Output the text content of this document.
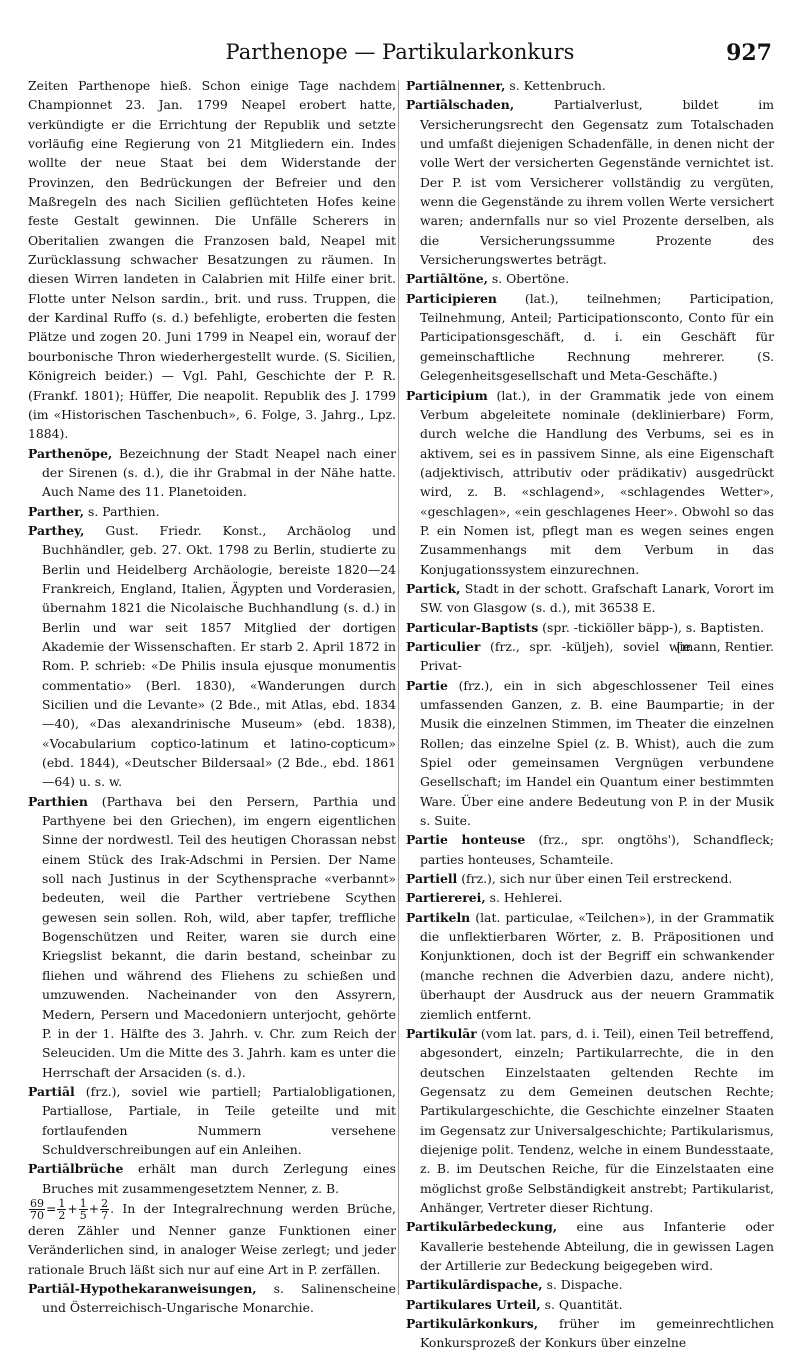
Parthenope — Partikularkonkurs	927

Zeiten Parthenope hieß. Schon einige Tage nachdem Championnet 23. Jan. 1799 Neapel erobert hatte, verkündigte er die Errichtung der Republik und setzte vorläufig eine Regierung von 21 Mitgliedern ein. Indes wollte der neue Staat bei dem Widerstande der Provinzen, den Bedrückungen der Befreier und den Maßregeln des nach Sicilien geflüchteten Hofes keine feste Gestalt gewinnen. Die Unfälle Scherers in Oberitalien zwangen die Franzosen bald, Neapel mit Zurücklassung schwacher Besatzungen zu räumen. In diesen Wirren landeten in Calabrien mit Hilfe einer brit. Flotte unter Nelson sardin., brit. und russ. Truppen, die der Kardinal Ruffo (s. d.) befehligte, eroberten die festen Plätze und zogen 20. Juni 1799 in Neapel ein, worauf der bourbonische Thron wiederhergestellt wurde. (S. Sicilien, Königreich beider.) — Vgl. Pahl, Geschichte der P. R. (Frankf. 1801); Hüffer, Die neapolit. Republik des J. 1799 (im «Historischen Taschenbuch», 6. Folge, 3. Jahrg., Lpz. 1884).

Parthenŏpe, Bezeichnung der Stadt Neapel nach einer der Sirenen (s. d.), die ihr Grabmal in der Nähe hatte. Auch Name des 11. Planetoiden.

Parther, s. Parthien.

Parthey, Gust. Friedr. Konst., Archäolog und Buchhändler, geb. 27. Okt. 1798 zu Berlin, studierte zu Berlin und Heidelberg Archäologie, bereiste 1820—24 Frankreich, England, Italien, Ägypten und Vorderasien, übernahm 1821 die Nicolaische Buchhandlung (s. d.) in Berlin und war seit 1857 Mitglied der dortigen Akademie der Wissenschaften. Er starb 2. April 1872 in Rom. P. schrieb: «De Philis insula ejusque monumentis commentatio» (Berl. 1830), «Wanderungen durch Sicilien und die Levante» (2 Bde., mit Atlas, ebd. 1834—40), «Das alexandrinische Museum» (ebd. 1838), «Vocabularium coptico-latinum et latino-copticum» (ebd. 1844), «Deutscher Bildersaal» (2 Bde., ebd. 1861—64) u. s. w.

Parthien (Parthava bei den Persern, Parthia und Parthyene bei den Griechen), im engern eigentlichen Sinne der nordwestl. Teil des heutigen Chorassan nebst einem Stück des Irak-Adschmi in Persien. Der Name soll nach Justinus in der Scythensprache «verbannt» bedeuten, weil die Parther vertriebene Scythen gewesen sein sollen. Roh, wild, aber tapfer, treffliche Bogenschützen und Reiter, waren sie durch eine Kriegslist bekannt, die darin bestand, scheinbar zu fliehen und während des Fliehens zu schießen und umzuwenden. Nacheinander von den Assyrern, Medern, Persern und Macedoniern unterjocht, gehörte P. in der 1. Hälfte des 3. Jahrh. v. Chr. zum Reich der Seleuciden. Um die Mitte des 3. Jahrh. kam es unter die Herrschaft der Arsaciden (s. d.).

Partiāl (frz.), soviel wie partiell; Partialobligationen, Partiallose, Partiale, in Teile geteilte und mit fortlaufenden Nummern versehene Schuldverschreibungen auf ein Anleihen.

Partiālbrüche erhält man durch Zerlegung eines Bruches mit zusammengesetztem Nenner, z. B.

$\frac{69}{70} = \frac{1}{2} + \frac{1}{5} + \frac{2}{7}$ . In der Integralrechnung werden Brüche, deren Zähler und Nenner ganze Funktionen einer Veränderlichen sind, in analoger Weise zerlegt; und jeder rationale Bruch läßt sich nur auf eine Art in P. zerfällen.

Partiāl-Hypothekaranweisungen, s. Salinenscheine und Österreichisch-Ungarische Monarchie.

Partiālnenner, s. Kettenbruch.

Partiālschaden, Partialverlust, bildet im Versicherungsrecht den Gegensatz zum Totalschaden und umfaßt diejenigen Schadenfälle, in denen nicht der volle Wert der versicherten Gegenstände vernichtet ist. Der P. ist vom Versicherer vollständig zu vergüten, wenn die Gegenstände zu ihrem vollen Werte versichert waren; andernfalls nur so viel Prozente derselben, als die Versicherungssumme Prozente des Versicherungswertes beträgt.

Partiāltöne, s. Obertöne.

Participieren (lat.), teilnehmen; Participation, Teilnehmung, Anteil; Participationsconto, Conto für ein Participationsgeschäft, d. i. ein Geschäft für gemeinschaftliche Rechnung mehrerer. (S. Gelegenheitsgesellschaft und Meta-Geschäfte.)

Participium (lat.), in der Grammatik jede von einem Verbum abgeleitete nominale (deklinierbare) Form, durch welche die Handlung des Verbums, sei es in aktivem, sei es in passivem Sinne, als eine Eigenschaft (adjektivisch, attributiv oder prädikativ) ausgedrückt wird, z. B. «schlagend», «schlagendes Wetter», «geschlagen», «ein geschlagenes Heer». Obwohl so das P. ein Nomen ist, pflegt man es wegen seines engen Zusammenhangs mit dem Verbum in das Konjugationssystem einzurechnen.

Partick, Stadt in der schott. Grafschaft Lanark, Vorort im SW. von Glasgow (s. d.), mit 36538 E.

Particular-Baptists (spr. -tickiöller bäpp-), s. Baptisten.
[mann, Rentier.

Particulier (frz., spr. -küljeh), soviel wie Privat-

Partie (frz.), ein in sich abgeschlossener Teil eines umfassenden Ganzen, z. B. eine Baumpartie; in der Musik die einzelnen Stimmen, im Theater die einzelnen Rollen; das einzelne Spiel (z. B. Whist), auch die zum Spiel oder gemeinsamen Vergnügen verbundene Gesellschaft; im Handel ein Quantum einer bestimmten Ware. Über eine andere Bedeutung von P. in der Musik s. Suite.

Partie honteuse (frz., spr. ongtöhs'), Schandfleck; parties honteuses, Schamteile.

Partiell (frz.), sich nur über einen Teil erstreckend.

Partiererei, s. Hehlerei.

Partikeln (lat. particulae, «Teilchen»), in der Grammatik die unflektierbaren Wörter, z. B. Präpositionen und Konjunktionen, doch ist der Begriff ein schwankender (manche rechnen die Adverbien dazu, andere nicht), überhaupt der Ausdruck aus der neuern Grammatik ziemlich entfernt.

Partikulār (vom lat. pars, d. i. Teil), einen Teil betreffend, abgesondert, einzeln; Partikularrechte, die in den deutschen Einzelstaaten geltenden Rechte im Gegensatz zu dem Gemeinen deutschen Rechte; Partikulargeschichte, die Geschichte einzelner Staaten im Gegensatz zur Universalgeschichte; Partikularismus, diejenige polit. Tendenz, welche in einem Bundesstaate, z. B. im Deutschen Reiche, für die Einzelstaaten eine möglichst große Selbständigkeit anstrebt; Partikularist, Anhänger, Vertreter dieser Richtung.

Partikulārbedeckung, eine aus Infanterie oder Kavallerie bestehende Abteilung, die in gewissen Lagen der Artillerie zur Bedeckung beigegeben wird.

Partikulārdispache, s. Dispache.

Partikulares Urteil, s. Quantität.

Partikulārkonkurs, früher im gemeinrechtlichen Konkursprozeß der Konkurs über einzelne
